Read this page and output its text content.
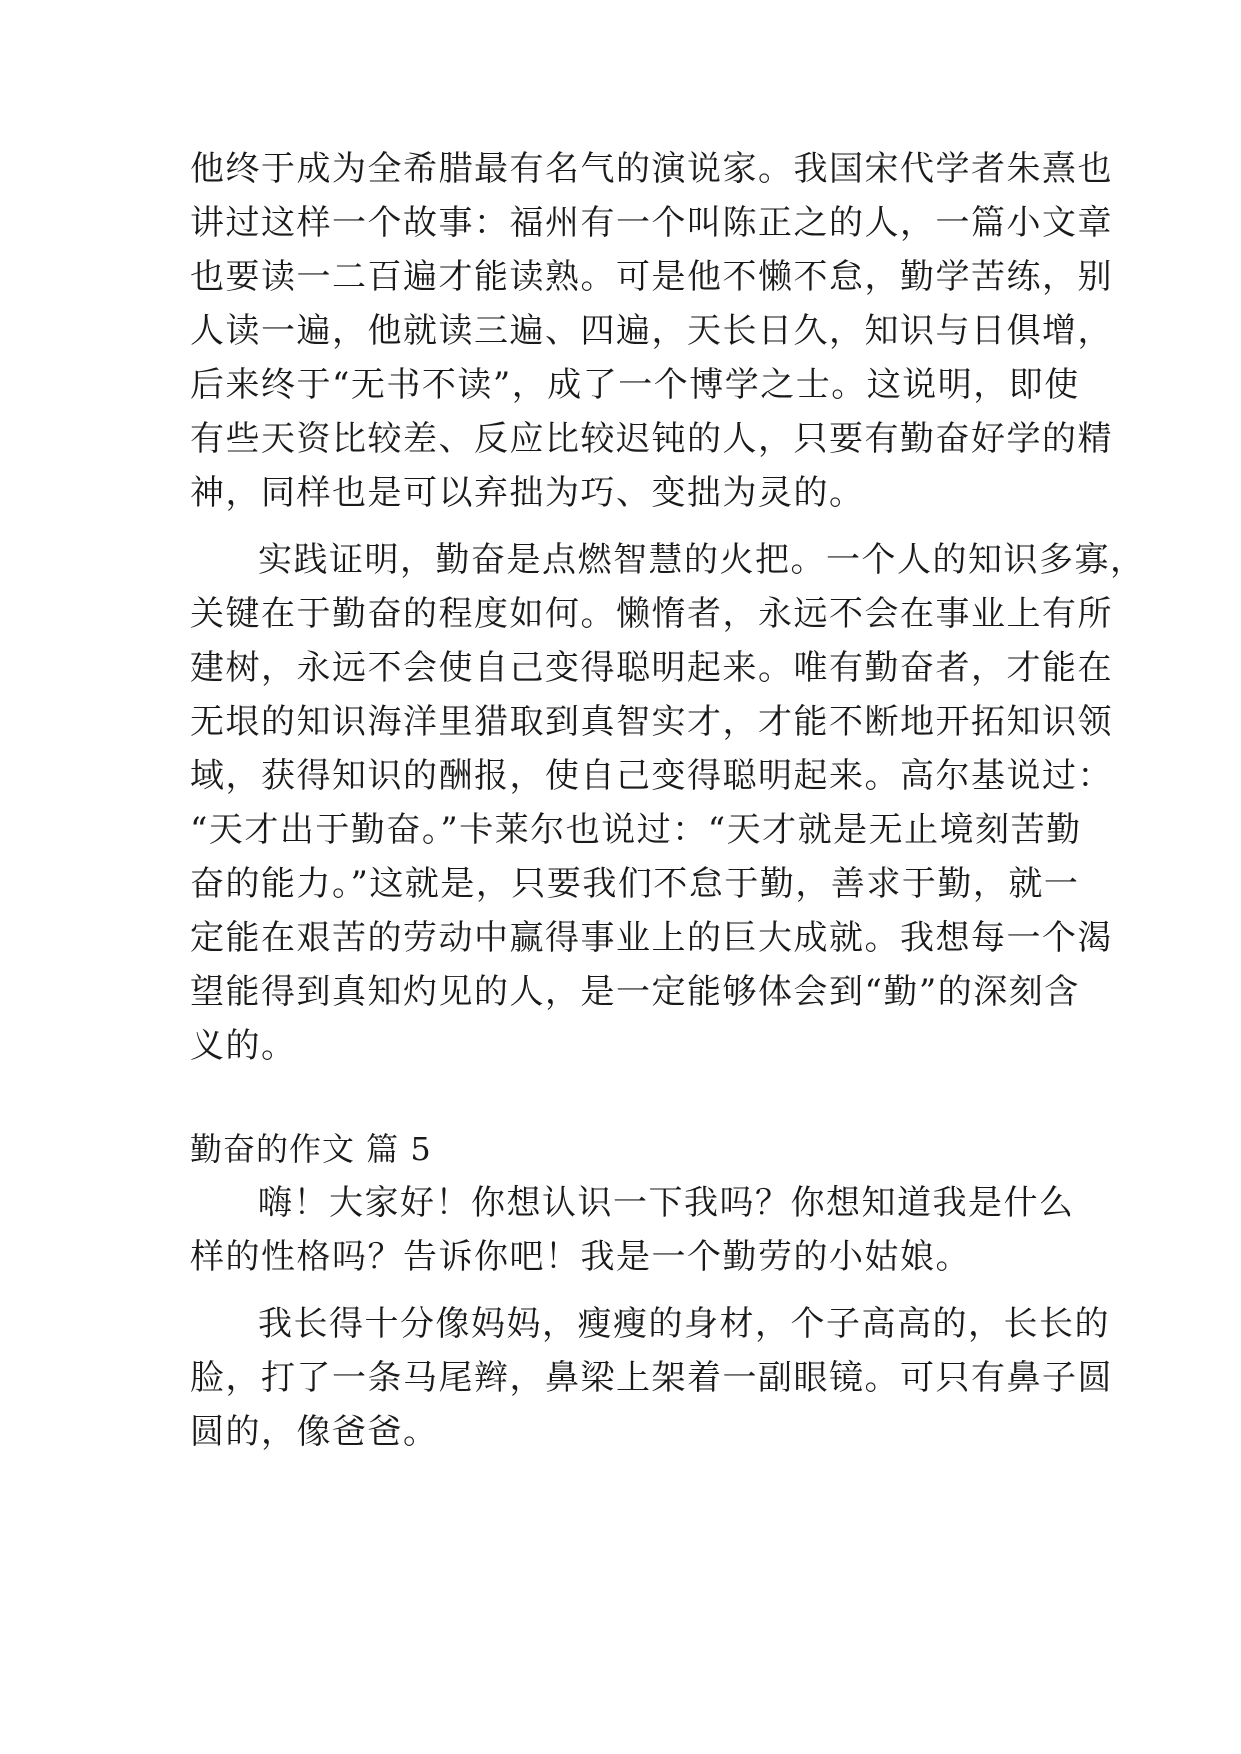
他终于成为全希腊最有名气的演说家。我国宋代学者朱熹也
讲过这样一个故事：福州有一个叫陈正之的人，一篇小文章
也要读一二百遍才能读熟。可是他不懒不怠，勤学苦练，别
人读一遍，他就读三遍、四遍，天长日久，知识与日俱增，
后来终于“无书不读”，成了一个博学之士。这说明，即使
有些天资比较差、反应比较迟钝的人，只要有勤奋好学的精
神，同样也是可以弃拙为巧、变拙为灵的。
实践证明，勤奋是点燃智慧的火把。一个人的知识多寡，
关键在于勤奋的程度如何。懒惰者，永远不会在事业上有所
建树，永远不会使自己变得聪明起来。唯有勤奋者，才能在
无垠的知识海洋里猎取到真智实才，才能不断地开拓知识领
域，获得知识的酬报，使自己变得聪明起来。高尔基说过：
“天才出于勤奋。”卡莱尔也说过：“天才就是无止境刻苦勤
奋的能力。”这就是，只要我们不怠于勤，善求于勤，就一
定能在艰苦的劳动中赢得事业上的巨大成就。我想每一个渴
望能得到真知灼见的人，是一定能够体会到“勤”的深刻含
义的。
勤奋的作文 篇 5
嗨！大家好！你想认识一下我吗？你想知道我是什么
样的性格吗？告诉你吧！我是一个勤劳的小姑娘。
我长得十分像妈妈，瘦瘦的身材，个子高高的，长长的
脸，打了一条马尾辫，鼻梁上架着一副眼镜。可只有鼻子圆
圆的，像爸爸。
